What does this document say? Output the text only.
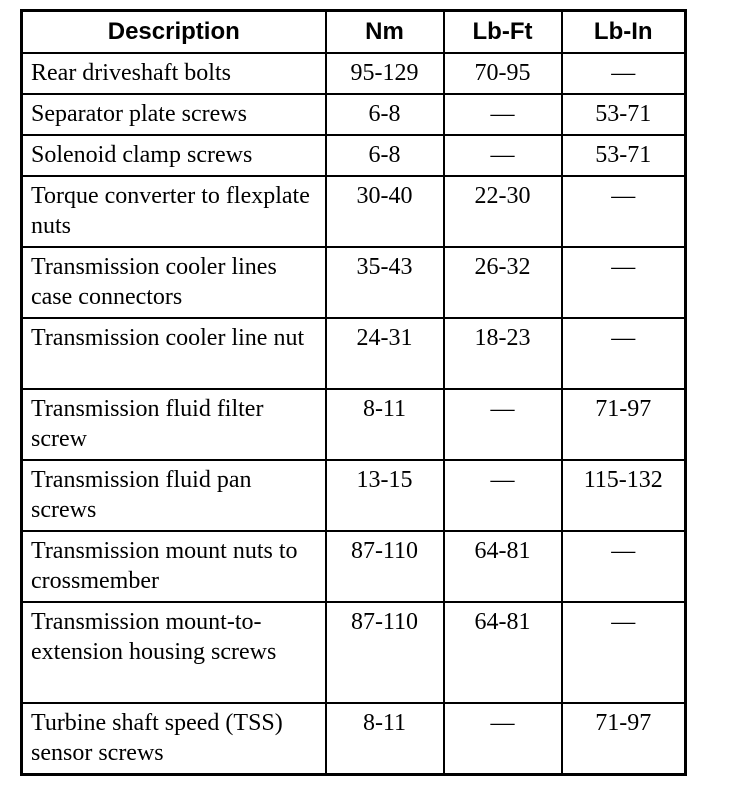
Description	Nm	Lb-Ft	Lb-In
Rear driveshaft bolts	95-129	70-95	—
Separator plate screws	6-8	—	53-71
Solenoid clamp screws	6-8	—	53-71
Torque converter to flexplate nuts	30-40	22-30	—
Transmission cooler lines case connectors	35-43	26-32	—
Transmission cooler line nut	24-31	18-23	—
Transmission fluid filter screw	8-11	—	71-97
Transmission fluid pan screws	13-15	—	115-132
Transmission mount nuts to crossmember	87-110	64-81	—
Transmission mount-to-extension housing screws	87-110	64-81	—
Turbine shaft speed (TSS) sensor screws	8-11	—	71-97
